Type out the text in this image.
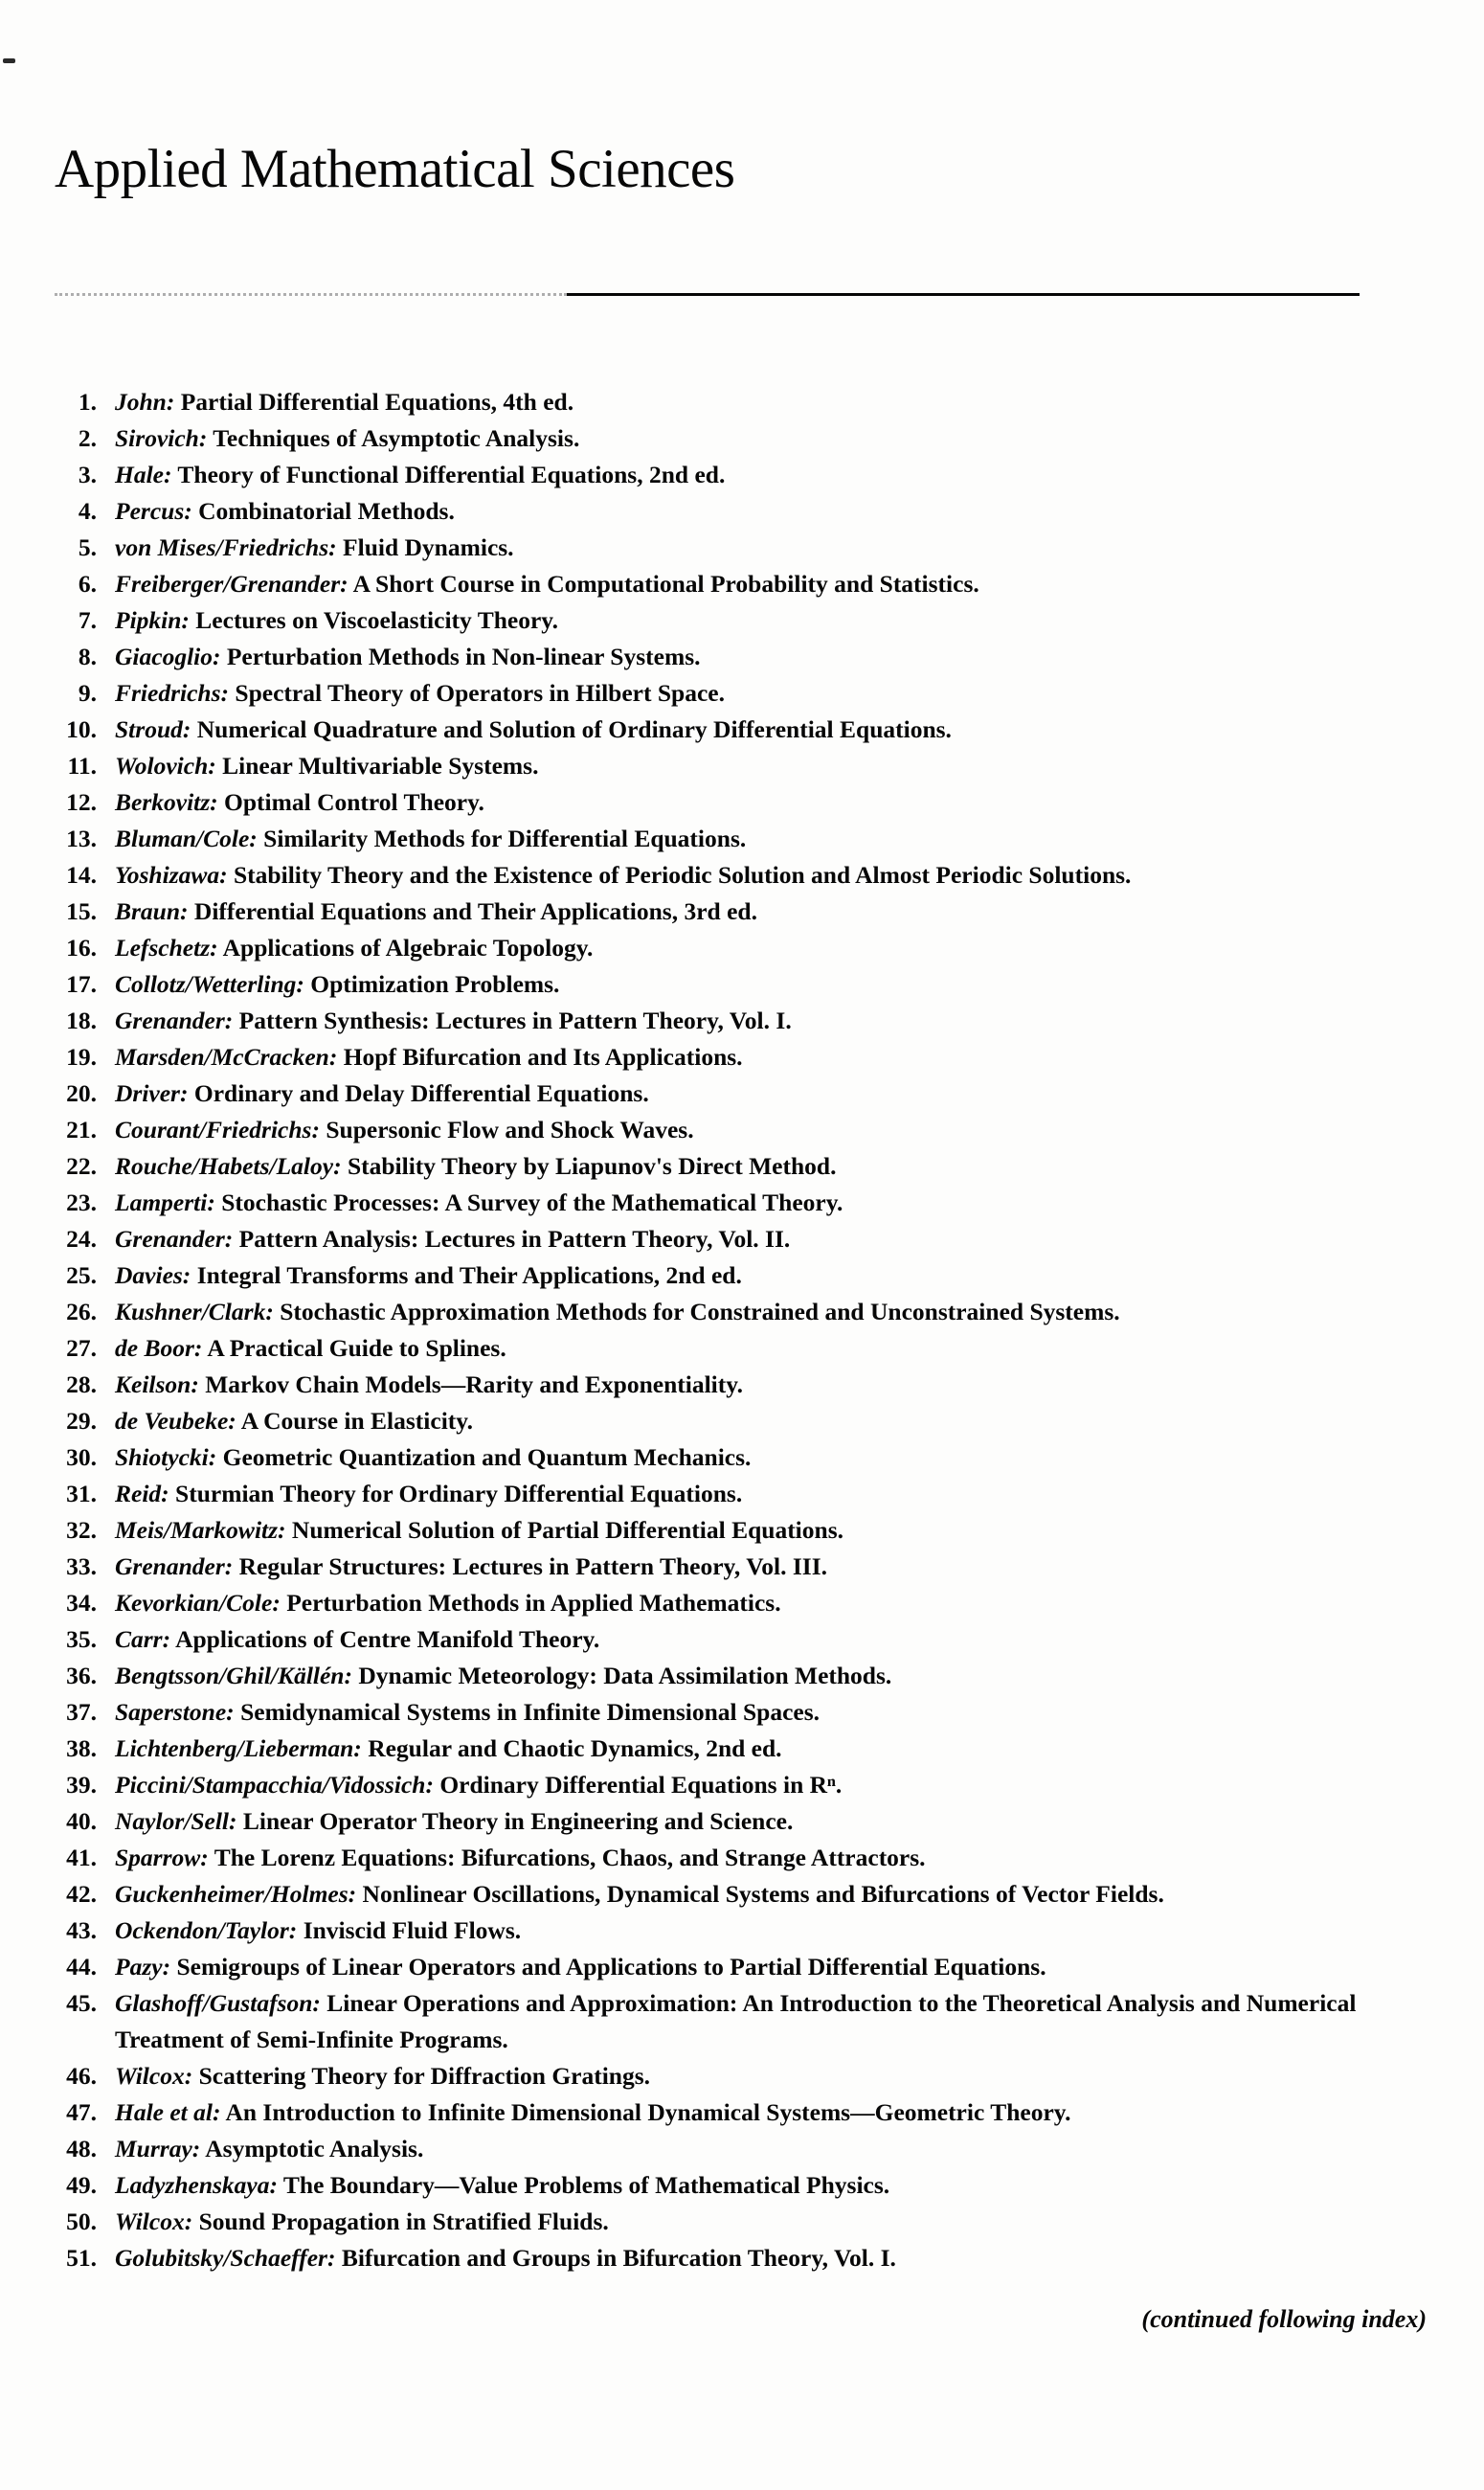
Applied Mathematical Sciences
1. John: Partial Differential Equations, 4th ed.
2. Sirovich: Techniques of Asymptotic Analysis.
3. Hale: Theory of Functional Differential Equations, 2nd ed.
4. Percus: Combinatorial Methods.
5. von Mises/Friedrichs: Fluid Dynamics.
6. Freiberger/Grenander: A Short Course in Computational Probability and Statistics.
7. Pipkin: Lectures on Viscoelasticity Theory.
8. Giacoglio: Perturbation Methods in Non-linear Systems.
9. Friedrichs: Spectral Theory of Operators in Hilbert Space.
10. Stroud: Numerical Quadrature and Solution of Ordinary Differential Equations.
11. Wolovich: Linear Multivariable Systems.
12. Berkovitz: Optimal Control Theory.
13. Bluman/Cole: Similarity Methods for Differential Equations.
14. Yoshizawa: Stability Theory and the Existence of Periodic Solution and Almost Periodic Solutions.
15. Braun: Differential Equations and Their Applications, 3rd ed.
16. Lefschetz: Applications of Algebraic Topology.
17. Collotz/Wetterling: Optimization Problems.
18. Grenander: Pattern Synthesis: Lectures in Pattern Theory, Vol. I.
19. Marsden/McCracken: Hopf Bifurcation and Its Applications.
20. Driver: Ordinary and Delay Differential Equations.
21. Courant/Friedrichs: Supersonic Flow and Shock Waves.
22. Rouche/Habets/Laloy: Stability Theory by Liapunov's Direct Method.
23. Lamperti: Stochastic Processes: A Survey of the Mathematical Theory.
24. Grenander: Pattern Analysis: Lectures in Pattern Theory, Vol. II.
25. Davies: Integral Transforms and Their Applications, 2nd ed.
26. Kushner/Clark: Stochastic Approximation Methods for Constrained and Unconstrained Systems.
27. de Boor: A Practical Guide to Splines.
28. Keilson: Markov Chain Models—Rarity and Exponentiality.
29. de Veubeke: A Course in Elasticity.
30. Shiotycki: Geometric Quantization and Quantum Mechanics.
31. Reid: Sturmian Theory for Ordinary Differential Equations.
32. Meis/Markowitz: Numerical Solution of Partial Differential Equations.
33. Grenander: Regular Structures: Lectures in Pattern Theory, Vol. III.
34. Kevorkian/Cole: Perturbation Methods in Applied Mathematics.
35. Carr: Applications of Centre Manifold Theory.
36. Bengtsson/Ghil/Källén: Dynamic Meteorology: Data Assimilation Methods.
37. Saperstone: Semidynamical Systems in Infinite Dimensional Spaces.
38. Lichtenberg/Lieberman: Regular and Chaotic Dynamics, 2nd ed.
39. Piccini/Stampacchia/Vidossich: Ordinary Differential Equations in Rⁿ.
40. Naylor/Sell: Linear Operator Theory in Engineering and Science.
41. Sparrow: The Lorenz Equations: Bifurcations, Chaos, and Strange Attractors.
42. Guckenheimer/Holmes: Nonlinear Oscillations, Dynamical Systems and Bifurcations of Vector Fields.
43. Ockendon/Taylor: Inviscid Fluid Flows.
44. Pazy: Semigroups of Linear Operators and Applications to Partial Differential Equations.
45. Glashoff/Gustafson: Linear Operations and Approximation: An Introduction to the Theoretical Analysis and Numerical Treatment of Semi-Infinite Programs.
46. Wilcox: Scattering Theory for Diffraction Gratings.
47. Hale et al: An Introduction to Infinite Dimensional Dynamical Systems—Geometric Theory.
48. Murray: Asymptotic Analysis.
49. Ladyzhenskaya: The Boundary—Value Problems of Mathematical Physics.
50. Wilcox: Sound Propagation in Stratified Fluids.
51. Golubitsky/Schaeffer: Bifurcation and Groups in Bifurcation Theory, Vol. I.
(continued following index)
